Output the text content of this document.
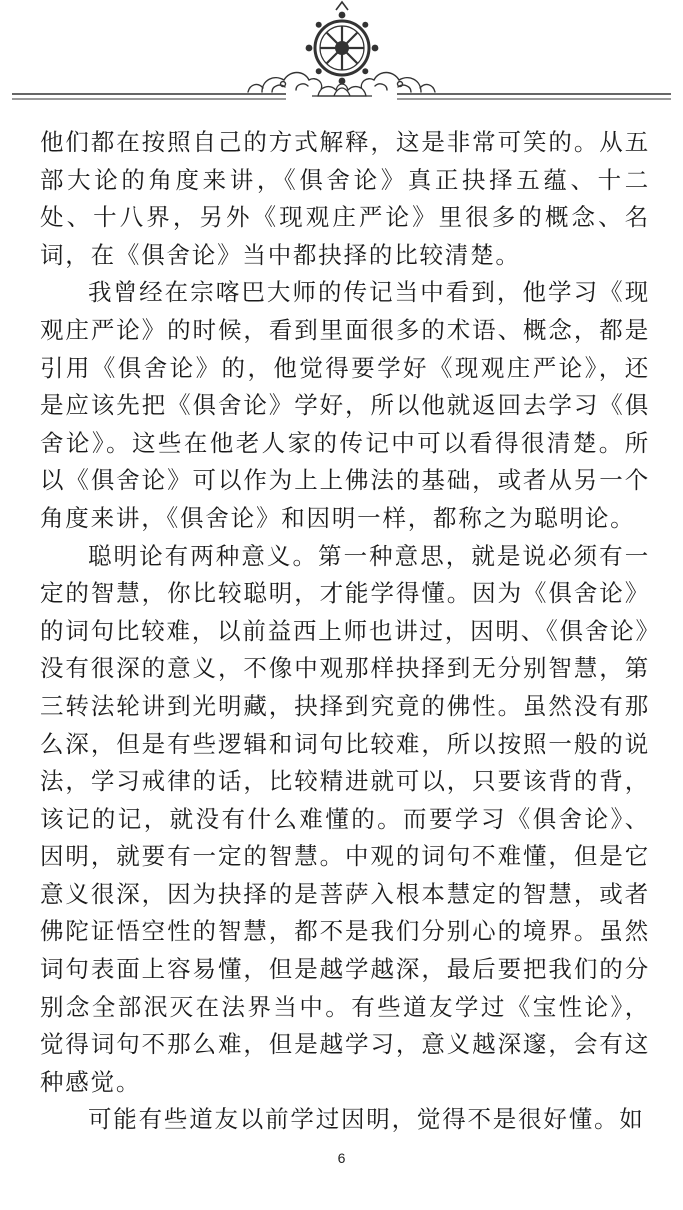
他们都在按照自己的方式解释，这是非常可笑的。从五部大论的角度来讲，《俱舍论》真正抉择五蕴、十二处、十八界，另外《现观庄严论》里很多的概念、名词，在《俱舍论》当中都抉择的比较清楚。

我曾经在宗喀巴大师的传记当中看到，他学习《现观庄严论》的时候，看到里面很多的术语、概念，都是引用《俱舍论》的，他觉得要学好《现观庄严论》，还是应该先把《俱舍论》学好，所以他就返回去学习《俱舍论》。这些在他老人家的传记中可以看得很清楚。所以《俱舍论》可以作为上上佛法的基础，或者从另一个角度来讲，《俱舍论》和因明一样，都称之为聪明论。

聪明论有两种意义。第一种意思，就是说必须有一定的智慧，你比较聪明，才能学得懂。因为《俱舍论》的词句比较难，以前益西上师也讲过，因明、《俱舍论》没有很深的意义，不像中观那样抉择到无分别智慧，第三转法轮讲到光明藏，抉择到究竟的佛性。虽然没有那么深，但是有些逻辑和词句比较难，所以按照一般的说法，学习戒律的话，比较精进就可以，只要该背的背，该记的记，就没有什么难懂的。而要学习《俱舍论》、因明，就要有一定的智慧。中观的词句不难懂，但是它意义很深，因为抉择的是菩萨入根本慧定的智慧，或者佛陀证悟空性的智慧，都不是我们分别心的境界。虽然词句表面上容易懂，但是越学越深，最后要把我们的分别念全部泯灭在法界当中。有些道友学过《宝性论》，觉得词句不那么难，但是越学习，意义越深邃，会有这种感觉。

可能有些道友以前学过因明，觉得不是很好懂。如

6
